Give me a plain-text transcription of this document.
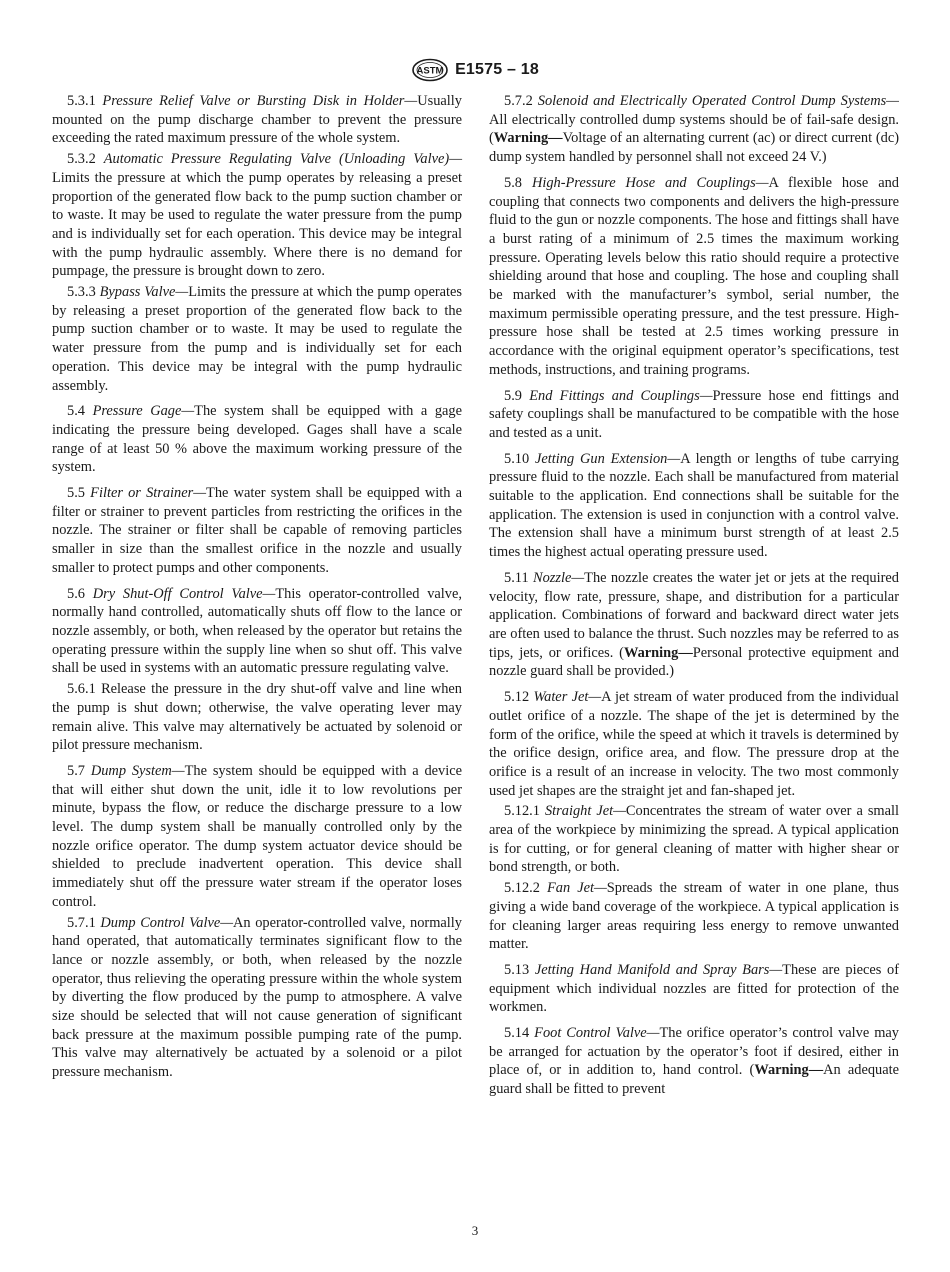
ASTM E1575 – 18

5.3.1 Pressure Relief Valve or Bursting Disk in Holder—Usually mounted on the pump discharge chamber to prevent the pressure exceeding the rated maximum pressure of the whole system.

5.3.2 Automatic Pressure Regulating Valve (Unloading Valve)—Limits the pressure at which the pump operates by releasing a preset proportion of the generated flow back to the pump suction chamber or to waste. It may be used to regulate the water pressure from the pump and is individually set for each operation. This device may be integral with the pump hydraulic assembly. Where there is no demand for pumpage, the pressure is brought down to zero.

5.3.3 Bypass Valve—Limits the pressure at which the pump operates by releasing a preset proportion of the generated flow back to the pump suction chamber or to waste. It may be used to regulate the water pressure from the pump and is individually set for each operation. This device may be integral with the pump hydraulic assembly.

5.4 Pressure Gage—The system shall be equipped with a gage indicating the pressure being developed. Gages shall have a scale range of at least 50 % above the maximum working pressure of the system.

5.5 Filter or Strainer—The water system shall be equipped with a filter or strainer to prevent particles from restricting the orifices in the nozzle. The strainer or filter shall be capable of removing particles smaller in size than the smallest orifice in the nozzle and usually smaller to protect pumps and other components.

5.6 Dry Shut-Off Control Valve—This operator-controlled valve, normally hand controlled, automatically shuts off flow to the lance or nozzle assembly, or both, when released by the operator but retains the operating pressure within the supply line when so shut off. This valve shall be used in systems with an automatic pressure regulating valve.

5.6.1 Release the pressure in the dry shut-off valve and line when the pump is shut down; otherwise, the valve operating lever may remain alive. This valve may alternatively be actuated by solenoid or pilot pressure mechanism.

5.7 Dump System—The system should be equipped with a device that will either shut down the unit, idle it to low revolutions per minute, bypass the flow, or reduce the discharge pressure to a low level. The dump system shall be manually controlled only by the nozzle orifice operator. The dump system actuator device should be shielded to preclude inadvertent operation. This device shall immediately shut off the pressure water stream if the operator loses control.

5.7.1 Dump Control Valve—An operator-controlled valve, normally hand operated, that automatically terminates significant flow to the lance or nozzle assembly, or both, when released by the nozzle operator, thus relieving the operating pressure within the whole system by diverting the flow produced by the pump to atmosphere. A valve size should be selected that will not cause generation of significant back pressure at the maximum possible pumping rate of the pump. This valve may alternatively be actuated by a solenoid or a pilot pressure mechanism.

5.7.2 Solenoid and Electrically Operated Control Dump Systems—All electrically controlled dump systems should be of fail-safe design. (Warning—Voltage of an alternating current (ac) or direct current (dc) dump system handled by personnel shall not exceed 24 V.)

5.8 High-Pressure Hose and Couplings—A flexible hose and coupling that connects two components and delivers the high-pressure fluid to the gun or nozzle components. The hose and fittings shall have a burst rating of a minimum of 2.5 times the maximum working pressure. Operating levels below this ratio should require a protective shielding around that hose and coupling. The hose and coupling shall be marked with the manufacturer’s symbol, serial number, the maximum permissible operating pressure, and the test pressure. High-pressure hose shall be tested at 2.5 times working pressure in accordance with the original equipment operator’s specifications, test methods, instructions, and training programs.

5.9 End Fittings and Couplings—Pressure hose end fittings and safety couplings shall be manufactured to be compatible with the hose and tested as a unit.

5.10 Jetting Gun Extension—A length or lengths of tube carrying pressure fluid to the nozzle. Each shall be manufactured from material suitable to the application. End connections shall be suitable for the application. The extension is used in conjunction with a control valve. The extension shall have a minimum burst strength of at least 2.5 times the highest actual operating pressure used.

5.11 Nozzle—The nozzle creates the water jet or jets at the required velocity, flow rate, pressure, shape, and distribution for a particular application. Combinations of forward and backward direct water jets are often used to balance the thrust. Such nozzles may be referred to as tips, jets, or orifices. (Warning—Personal protective equipment and nozzle guard shall be provided.)

5.12 Water Jet—A jet stream of water produced from the individual outlet orifice of a nozzle. The shape of the jet is determined by the form of the orifice, while the speed at which it travels is determined by the orifice design, orifice area, and flow. The pressure drop at the orifice is a result of an increase in velocity. The two most commonly used jet shapes are the straight jet and fan-shaped jet.

5.12.1 Straight Jet—Concentrates the stream of water over a small area of the workpiece by minimizing the spread. A typical application is for cutting, or for general cleaning of matter with higher shear or bond strength, or both.

5.12.2 Fan Jet—Spreads the stream of water in one plane, thus giving a wide band coverage of the workpiece. A typical application is for cleaning larger areas requiring less energy to remove unwanted matter.

5.13 Jetting Hand Manifold and Spray Bars—These are pieces of equipment which individual nozzles are fitted for protection of the workmen.

5.14 Foot Control Valve—The orifice operator’s control valve may be arranged for actuation by the operator’s foot if desired, either in place of, or in addition to, hand control. (Warning—An adequate guard shall be fitted to prevent

3
